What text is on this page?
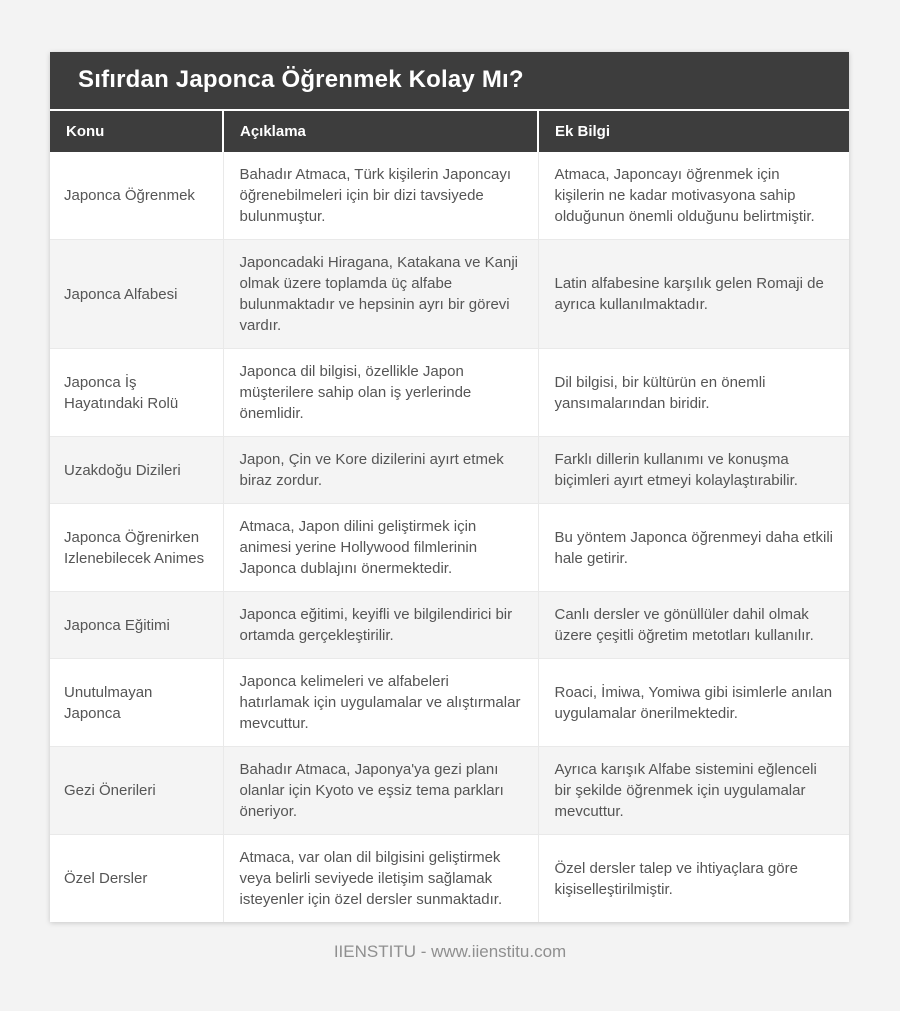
Sıfırdan Japonca Öğrenmek Kolay Mı?
Konu	Açıklama	Ek Bilgi
Japonca Öğrenmek	Bahadır Atmaca, Türk kişilerin Japoncayı öğrenebilmeleri için bir dizi tavsiyede bulunmuştur.	Atmaca, Japoncayı öğrenmek için kişilerin ne kadar motivasyona sahip olduğunun önemli olduğunu belirtmiştir.
Japonca Alfabesi	Japoncadaki Hiragana, Katakana ve Kanji olmak üzere toplamda üç alfabe bulunmaktadır ve hepsinin ayrı bir görevi vardır.	Latin alfabesine karşılık gelen Romaji de ayrıca kullanılmaktadır.
Japonca İş Hayatındaki Rolü	Japonca dil bilgisi, özellikle Japon müşterilere sahip olan iş yerlerinde önemlidir.	Dil bilgisi, bir kültürün en önemli yansımalarından biridir.
Uzakdoğu Dizileri	Japon, Çin ve Kore dizilerini ayırt etmek biraz zordur.	Farklı dillerin kullanımı ve konuşma biçimleri ayırt etmeyi kolaylaştırabilir.
Japonca Öğrenirken Izlenebilecek Animes	Atmaca, Japon dilini geliştirmek için animesi yerine Hollywood filmlerinin Japonca dublajını önermektedir.	Bu yöntem Japonca öğrenmeyi daha etkili hale getirir.
Japonca Eğitimi	Japonca eğitimi, keyifli ve bilgilendirici bir ortamda gerçekleştirilir.	Canlı dersler ve gönüllüler dahil olmak üzere çeşitli öğretim metotları kullanılır.
Unutulmayan Japonca	Japonca kelimeleri ve alfabeleri hatırlamak için uygulamalar ve alıştırmalar mevcuttur.	Roaci, İmiwa, Yomiwa gibi isimlerle anılan uygulamalar önerilmektedir.
Gezi Önerileri	Bahadır Atmaca, Japonya'ya gezi planı olanlar için Kyoto ve eşsiz tema parkları öneriyor.	Ayrıca karışık Alfabe sistemini eğlenceli bir şekilde öğrenmek için uygulamalar mevcuttur.
Özel Dersler	Atmaca, var olan dil bilgisini geliştirmek veya belirli seviyede iletişim sağlamak isteyenler için özel dersler sunmaktadır.	Özel dersler talep ve ihtiyaçlara göre kişiselleştirilmiştir.
IIENSTITU - www.iienstitu.com
